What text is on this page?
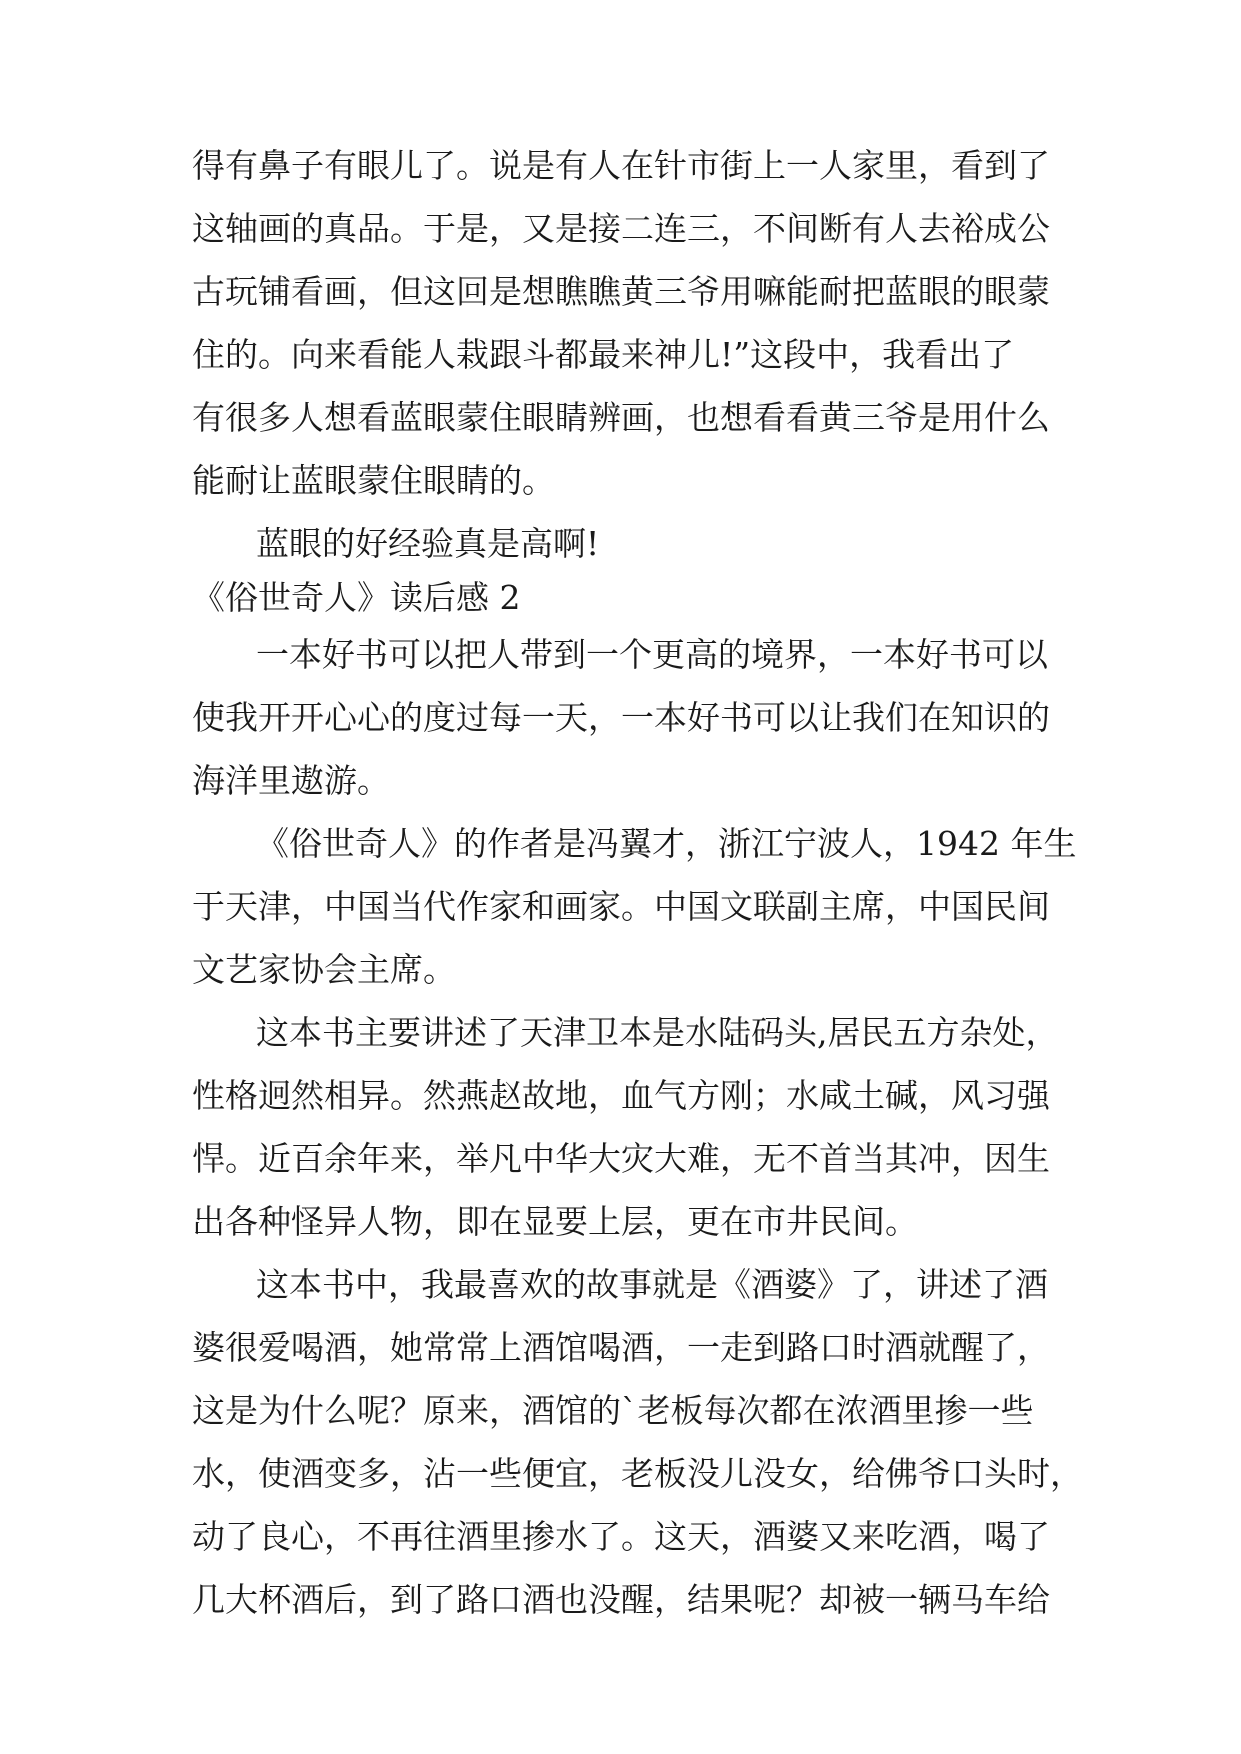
得有鼻子有眼儿了。说是有人在针市街上一人家里，看到了
这轴画的真品。于是，又是接二连三，不间断有人去裕成公
古玩铺看画，但这回是想瞧瞧黄三爷用嘛能耐把蓝眼的眼蒙
住的。向来看能人栽跟斗都最来神儿!”这段中，我看出了
有很多人想看蓝眼蒙住眼睛辨画，也想看看黄三爷是用什么
能耐让蓝眼蒙住眼睛的。
蓝眼的好经验真是高啊!
《俗世奇人》读后感 2
一本好书可以把人带到一个更高的境界，一本好书可以
使我开开心心的度过每一天，一本好书可以让我们在知识的
海洋里遨游。
《俗世奇人》的作者是冯翼才，浙江宁波人，1942 年生
于天津，中国当代作家和画家。中国文联副主席，中国民间
文艺家协会主席。
这本书主要讲述了天津卫本是水陆码头,居民五方杂处，
性格迥然相异。然燕赵故地，血气方刚；水咸土碱，风习强
悍。近百余年来，举凡中华大灾大难，无不首当其冲，因生
出各种怪异人物，即在显要上层，更在市井民间。
这本书中，我最喜欢的故事就是《酒婆》了，讲述了酒
婆很爱喝酒，她常常上酒馆喝酒，一走到路口时酒就醒了，
这是为什么呢？原来，酒馆的`老板每次都在浓酒里掺一些
水，使酒变多，沾一些便宜，老板没儿没女，给佛爷口头时，
动了良心，不再往酒里掺水了。这天，酒婆又来吃酒，喝了
几大杯酒后，到了路口酒也没醒，结果呢？却被一辆马车给
